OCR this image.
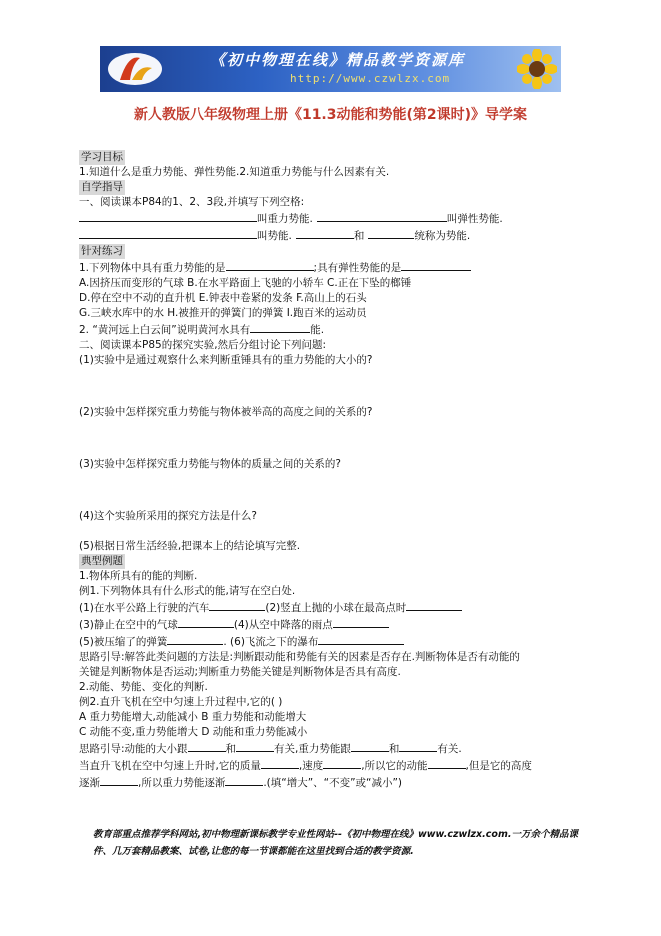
《初中物理在线》精品教学资源库
http://www.czwlzx.com
新人教版八年级物理上册《11.3动能和势能(第2课时)》导学案

学习目标

1.知道什么是重力势能、弹性势能.2.知道重力势能与什么因素有关.

自学指导

一、阅读课本P84的1、2、3段,并填写下列空格:

叫重力势能.	叫弹性势能.

叫势能.	和	统称为势能.

针对练习

1.下列物体中具有重力势能的是	;具有弹性势能的是

A.因挤压而变形的气球 B.在水平路面上飞驰的小轿车 C.正在下坠的榔锤

D.停在空中不动的直升机 E.钟表中卷紧的发条 F.高山上的石头

G.三峡水库中的水 H.被推开的弹簧门的弹簧 I.跑百米的运动员

2. “黄河远上白云间”说明黄河水具有	能.

二、阅读课本P85的探究实验,然后分组讨论下列问题:

(1)实验中是通过观察什么来判断重锤具有的重力势能的大小的?

(2)实验中怎样探究重力势能与物体被举高的高度之间的关系的?

(3)实验中怎样探究重力势能与物体的质量之间的关系的?

(4)这个实验所采用的探究方法是什么?

(5)根据日常生活经验,把课本上的结论填写完整.

典型例题

1.物体所具有的能的判断.

例1.下列物体具有什么形式的能,请写在空白处.

(1)在水平公路上行驶的汽车	(2)竖直上抛的小球在最高点时

(3)静止在空中的气球	(4)从空中降落的雨点

(5)被压缩了的弹簧	. (6)飞流之下的瀑布

思路引导:解答此类问题的方法是:判断跟动能和势能有关的因素是否存在.判断物体是否有动能的

关键是判断物体是否运动;判断重力势能关键是判断物体是否具有高度.

2.动能、势能、变化的判断.

例2.直升飞机在空中匀速上升过程中,它的( )

A 重力势能增大,动能减小 B 重力势能和动能增大

C 动能不变,重力势能增大 D 动能和重力势能减小

思路引导:动能的大小跟	和	有关,重力势能跟	和	有关.

当直升飞机在空中匀速上升时,它的质量	,速度	,所以它的动能	,但是它的高度

逐渐	,所以重力势能逐渐	.(填“增大”、“不变”或“减小”)

教育部重点推荐学科网站,初中物理新课标教学专业性网站--《初中物理在线》www.czwlzx.com.一万余个精品课

件、几万套精品教案、试卷,让您的每一节课都能在这里找到合适的教学资源.
